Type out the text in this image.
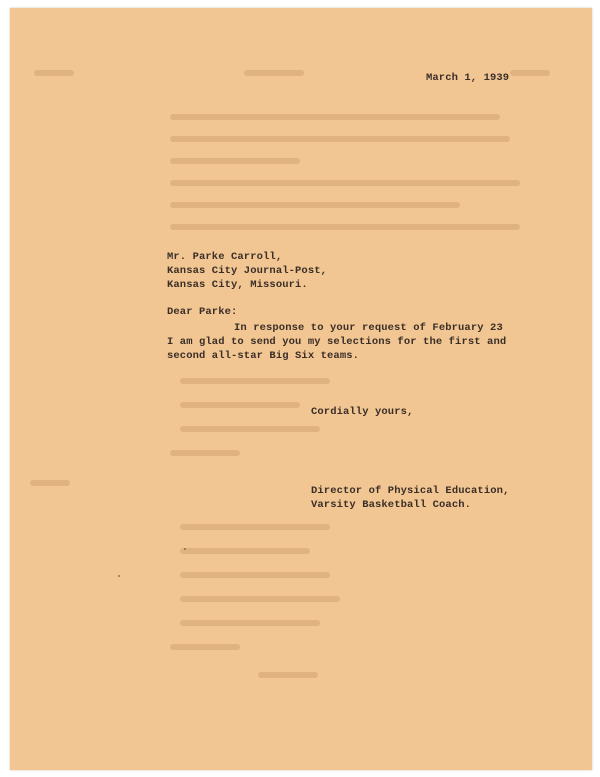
March 1, 1939
Mr. Parke Carroll,
Kansas City Journal-Post,
Kansas City, Missouri.
Dear Parke:
In response to your request of February 23
I am glad to send you my selections for the first and
second all-star Big Six teams.
Cordially yours,
Director of Physical Education,
Varsity Basketball Coach.
